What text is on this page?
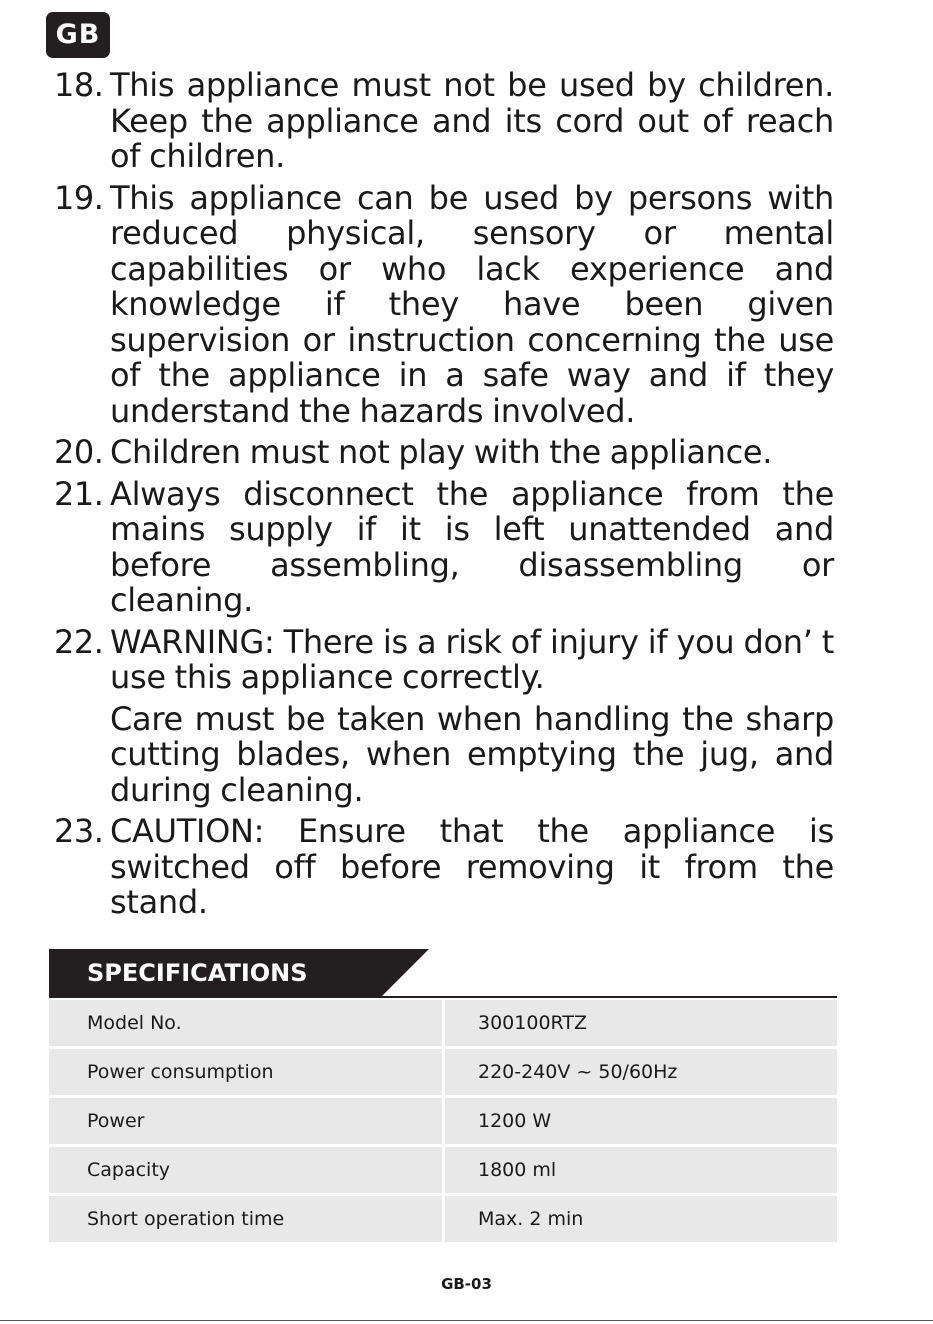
GB
18. This appliance must not be used by children. Keep the appliance and its cord out of reach of children.
19. This appliance can be used by persons with reduced physical, sensory or mental capabilities or who lack experience and knowledge if they have been given supervision or instruction concerning the use of the appliance in a safe way and if they understand the hazards involved.
20. Children must not play with the appliance.
21. Always disconnect the appliance from the mains supply if it is left unattended and before assembling, disassembling or cleaning.
22. WARNING: There is a risk of injury if you don’ t use this appliance correctly.
Care must be taken when handling the sharp cutting blades, when emptying the jug, and during cleaning.
23. CAUTION: Ensure that the appliance is switched off before removing it from the stand.
SPECIFICATIONS
Model No.	300100RTZ
Power consumption	220-240V ~ 50/60Hz
Power	1200 W
Capacity	1800 ml
Short operation time	Max. 2 min
GB-03
